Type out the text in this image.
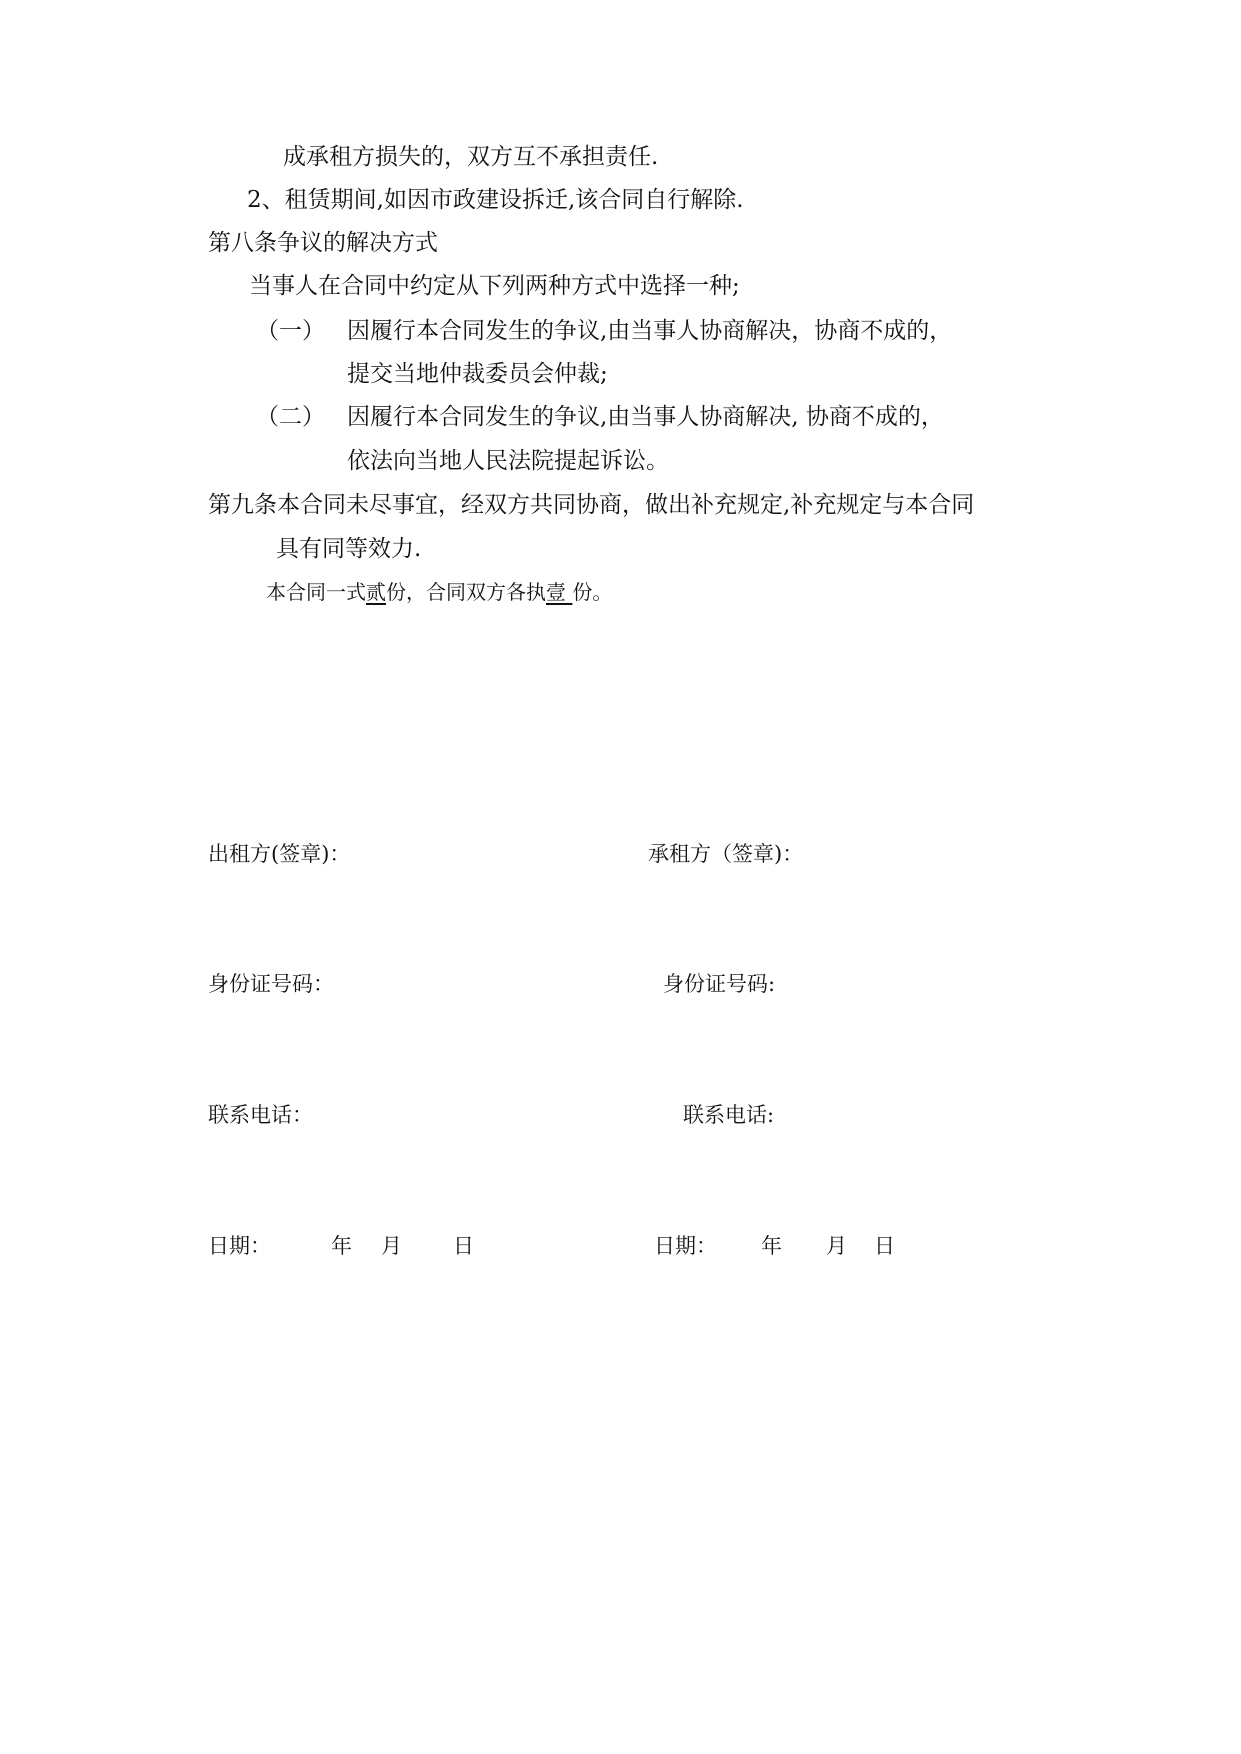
成承租方损失的，双方互不承担责任.
2、租赁期间,如因市政建设拆迁,该合同自行解除.
第八条争议的解决方式
当事人在合同中约定从下列两种方式中选择一种;
（一） 因履行本合同发生的争议,由当事人协商解决，协商不成的，
提交当地仲裁委员会仲裁;
（二） 因履行本合同发生的争议,由当事人协商解决, 协商不成的，
依法向当地人民法院提起诉讼。
第九条本合同未尽事宜，经双方共同协商，做出补充规定,补充规定与本合同
具有同等效力.
本合同一式贰份，合同双方各执壹 份。
出租方(签章)：	承租方（签章)：
身份证号码：	身份证号码:
联系电话：	联系电话:
日期：	年 月 日	日期： 年 月 日
